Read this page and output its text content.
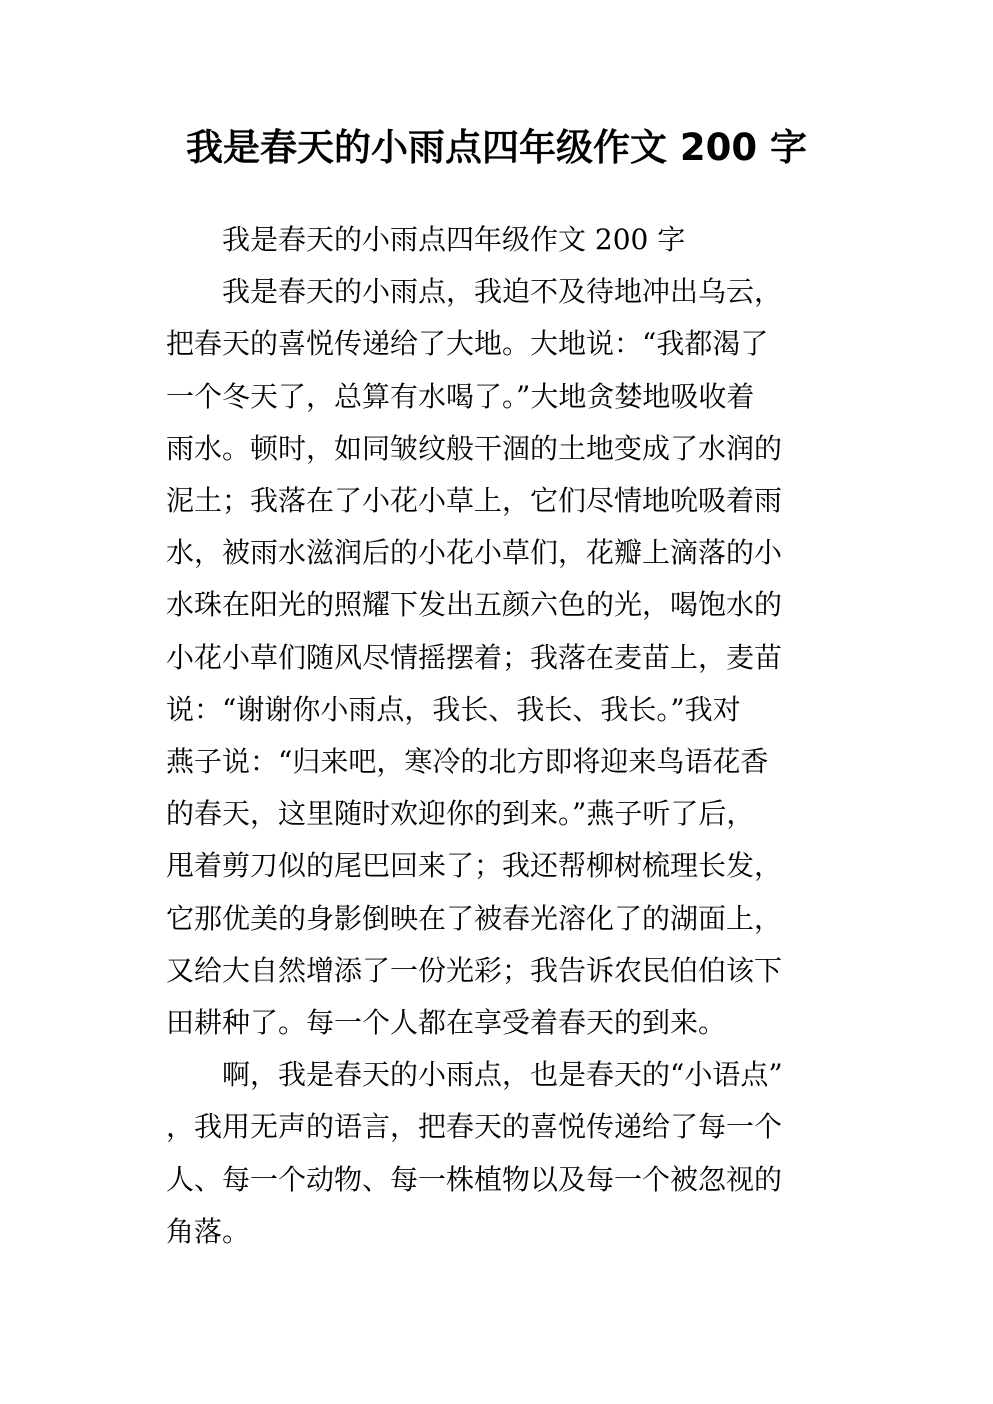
我是春天的小雨点四年级作文 200 字

我是春天的小雨点四年级作文 200 字

我是春天的小雨点，我迫不及待地冲出乌云，
把春天的喜悦传递给了大地。大地说：“我都渴了
一个冬天了，总算有水喝了。”大地贪婪地吸收着
雨水。顿时，如同皱纹般干涸的土地变成了水润的
泥土；我落在了小花小草上，它们尽情地吮吸着雨
水，被雨水滋润后的小花小草们，花瓣上滴落的小
水珠在阳光的照耀下发出五颜六色的光，喝饱水的
小花小草们随风尽情摇摆着；我落在麦苗上，麦苗
说：“谢谢你小雨点，我长、我长、我长。”我对
燕子说：“归来吧，寒冷的北方即将迎来鸟语花香
的春天，这里随时欢迎你的到来。”燕子听了后，
甩着剪刀似的尾巴回来了；我还帮柳树梳理长发，
它那优美的身影倒映在了被春光溶化了的湖面上，
又给大自然增添了一份光彩；我告诉农民伯伯该下
田耕种了。每一个人都在享受着春天的到来。

啊，我是春天的小雨点，也是春天的“小语点”
，我用无声的语言，把春天的喜悦传递给了每一个
人、每一个动物、每一株植物以及每一个被忽视的
角落。
